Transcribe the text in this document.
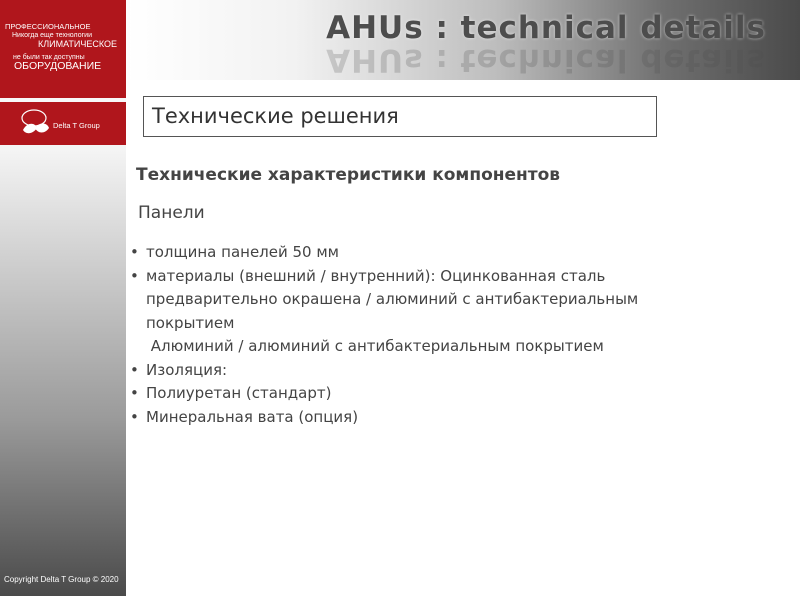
ПРОФЕССИОНАЛЬНОЕ
Никогда еще технологии
КЛИМАТИЧЕСКОЕ
не были так доступны
ОБОРУДОВАНИЕ
Delta T Group
Copyright Delta T Group © 2020
AHUs : technical details
AHUs : technical details
Технические решения
Технические характеристики компонентов
Панели
• толщина панелей 50 мм
• материалы (внешний / внутренний): Оцинкованная сталь
предварительно окрашена / алюминий с антибактериальным
покрытием
Алюминий / алюминий с антибактериальным покрытием
• Изоляция:
• Полиуретан (стандарт)
• Минеральная вата (опция)
